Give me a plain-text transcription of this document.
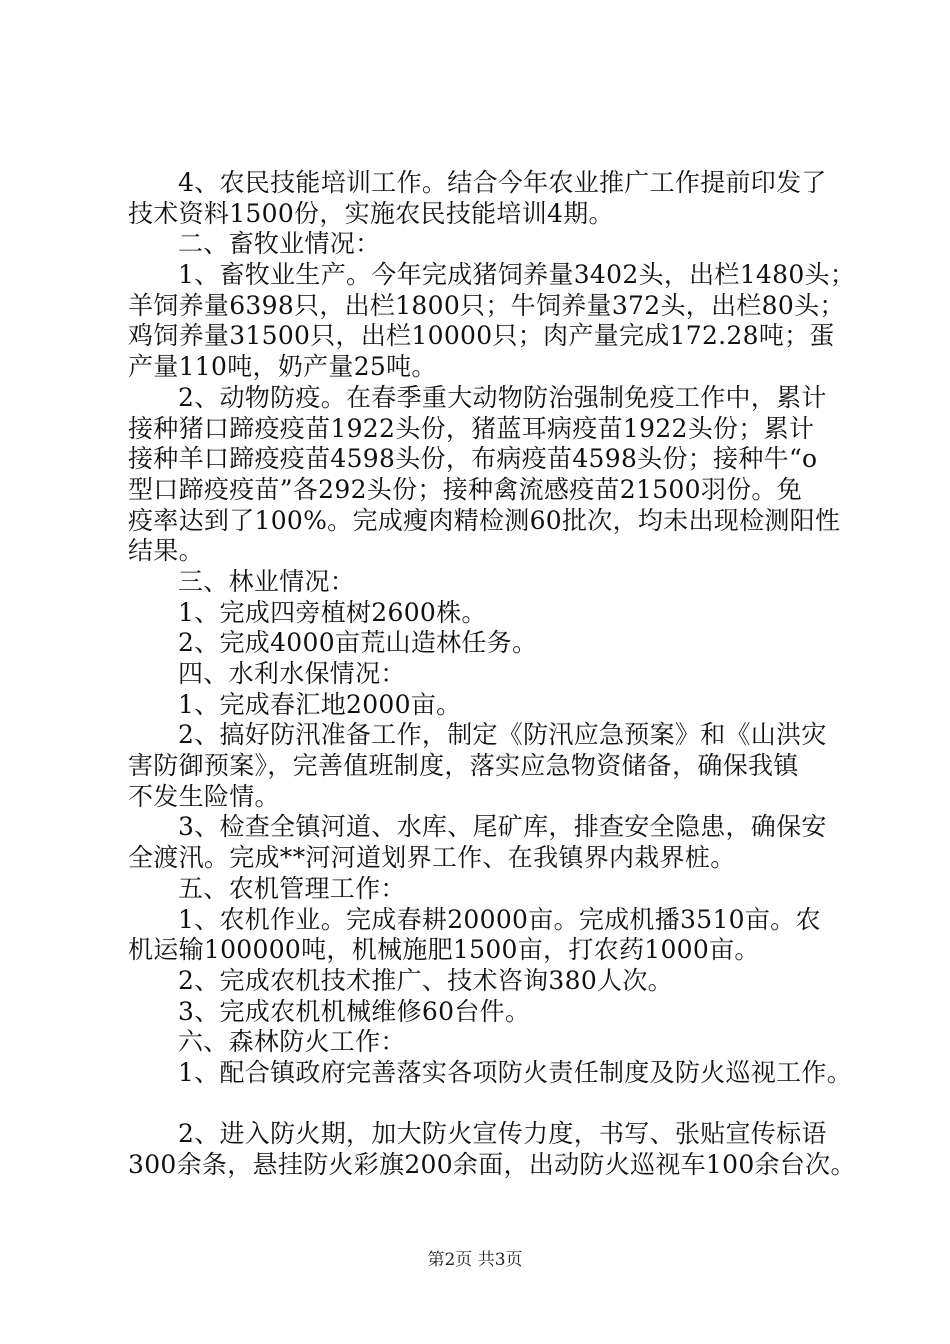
4、农民技能培训工作。结合今年农业推广工作提前印发了
技术资料1500份，实施农民技能培训4期。
二、畜牧业情况：
1、畜牧业生产。今年完成猪饲养量3402头，出栏1480头；
羊饲养量6398只，出栏1800只；牛饲养量372头，出栏80头；
鸡饲养量31500只，出栏10000只；肉产量完成172.28吨；蛋
产量110吨，奶产量25吨。
2、动物防疫。在春季重大动物防治强制免疫工作中，累计
接种猪口蹄疫疫苗1922头份，猪蓝耳病疫苗1922头份；累计
接种羊口蹄疫疫苗4598头份，布病疫苗4598头份；接种牛“o
型口蹄疫疫苗”各292头份；接种禽流感疫苗21500羽份。免
疫率达到了100%。完成瘦肉精检测60批次，均未出现检测阳性
结果。
三、林业情况：
1、完成四旁植树2600株。
2、完成4000亩荒山造林任务。
四、水利水保情况：
1、完成春汇地2000亩。
2、搞好防汛准备工作，制定《防汛应急预案》和《山洪灾
害防御预案》，完善值班制度，落实应急物资储备，确保我镇
不发生险情。
3、检查全镇河道、水库、尾矿库，排查安全隐患，确保安
全渡汛。完成**河河道划界工作、在我镇界内栽界桩。
五、农机管理工作：
1、农机作业。完成春耕20000亩。完成机播3510亩。农
机运输100000吨，机械施肥1500亩，打农药1000亩。
2、完成农机技术推广、技术咨询380人次。
3、完成农机机械维修60台件。
六、森林防火工作：
1、配合镇政府完善落实各项防火责任制度及防火巡视工作。
2、进入防火期，加大防火宣传力度，书写、张贴宣传标语
300余条，悬挂防火彩旗200余面，出动防火巡视车100余台次。
第2页 共3页
